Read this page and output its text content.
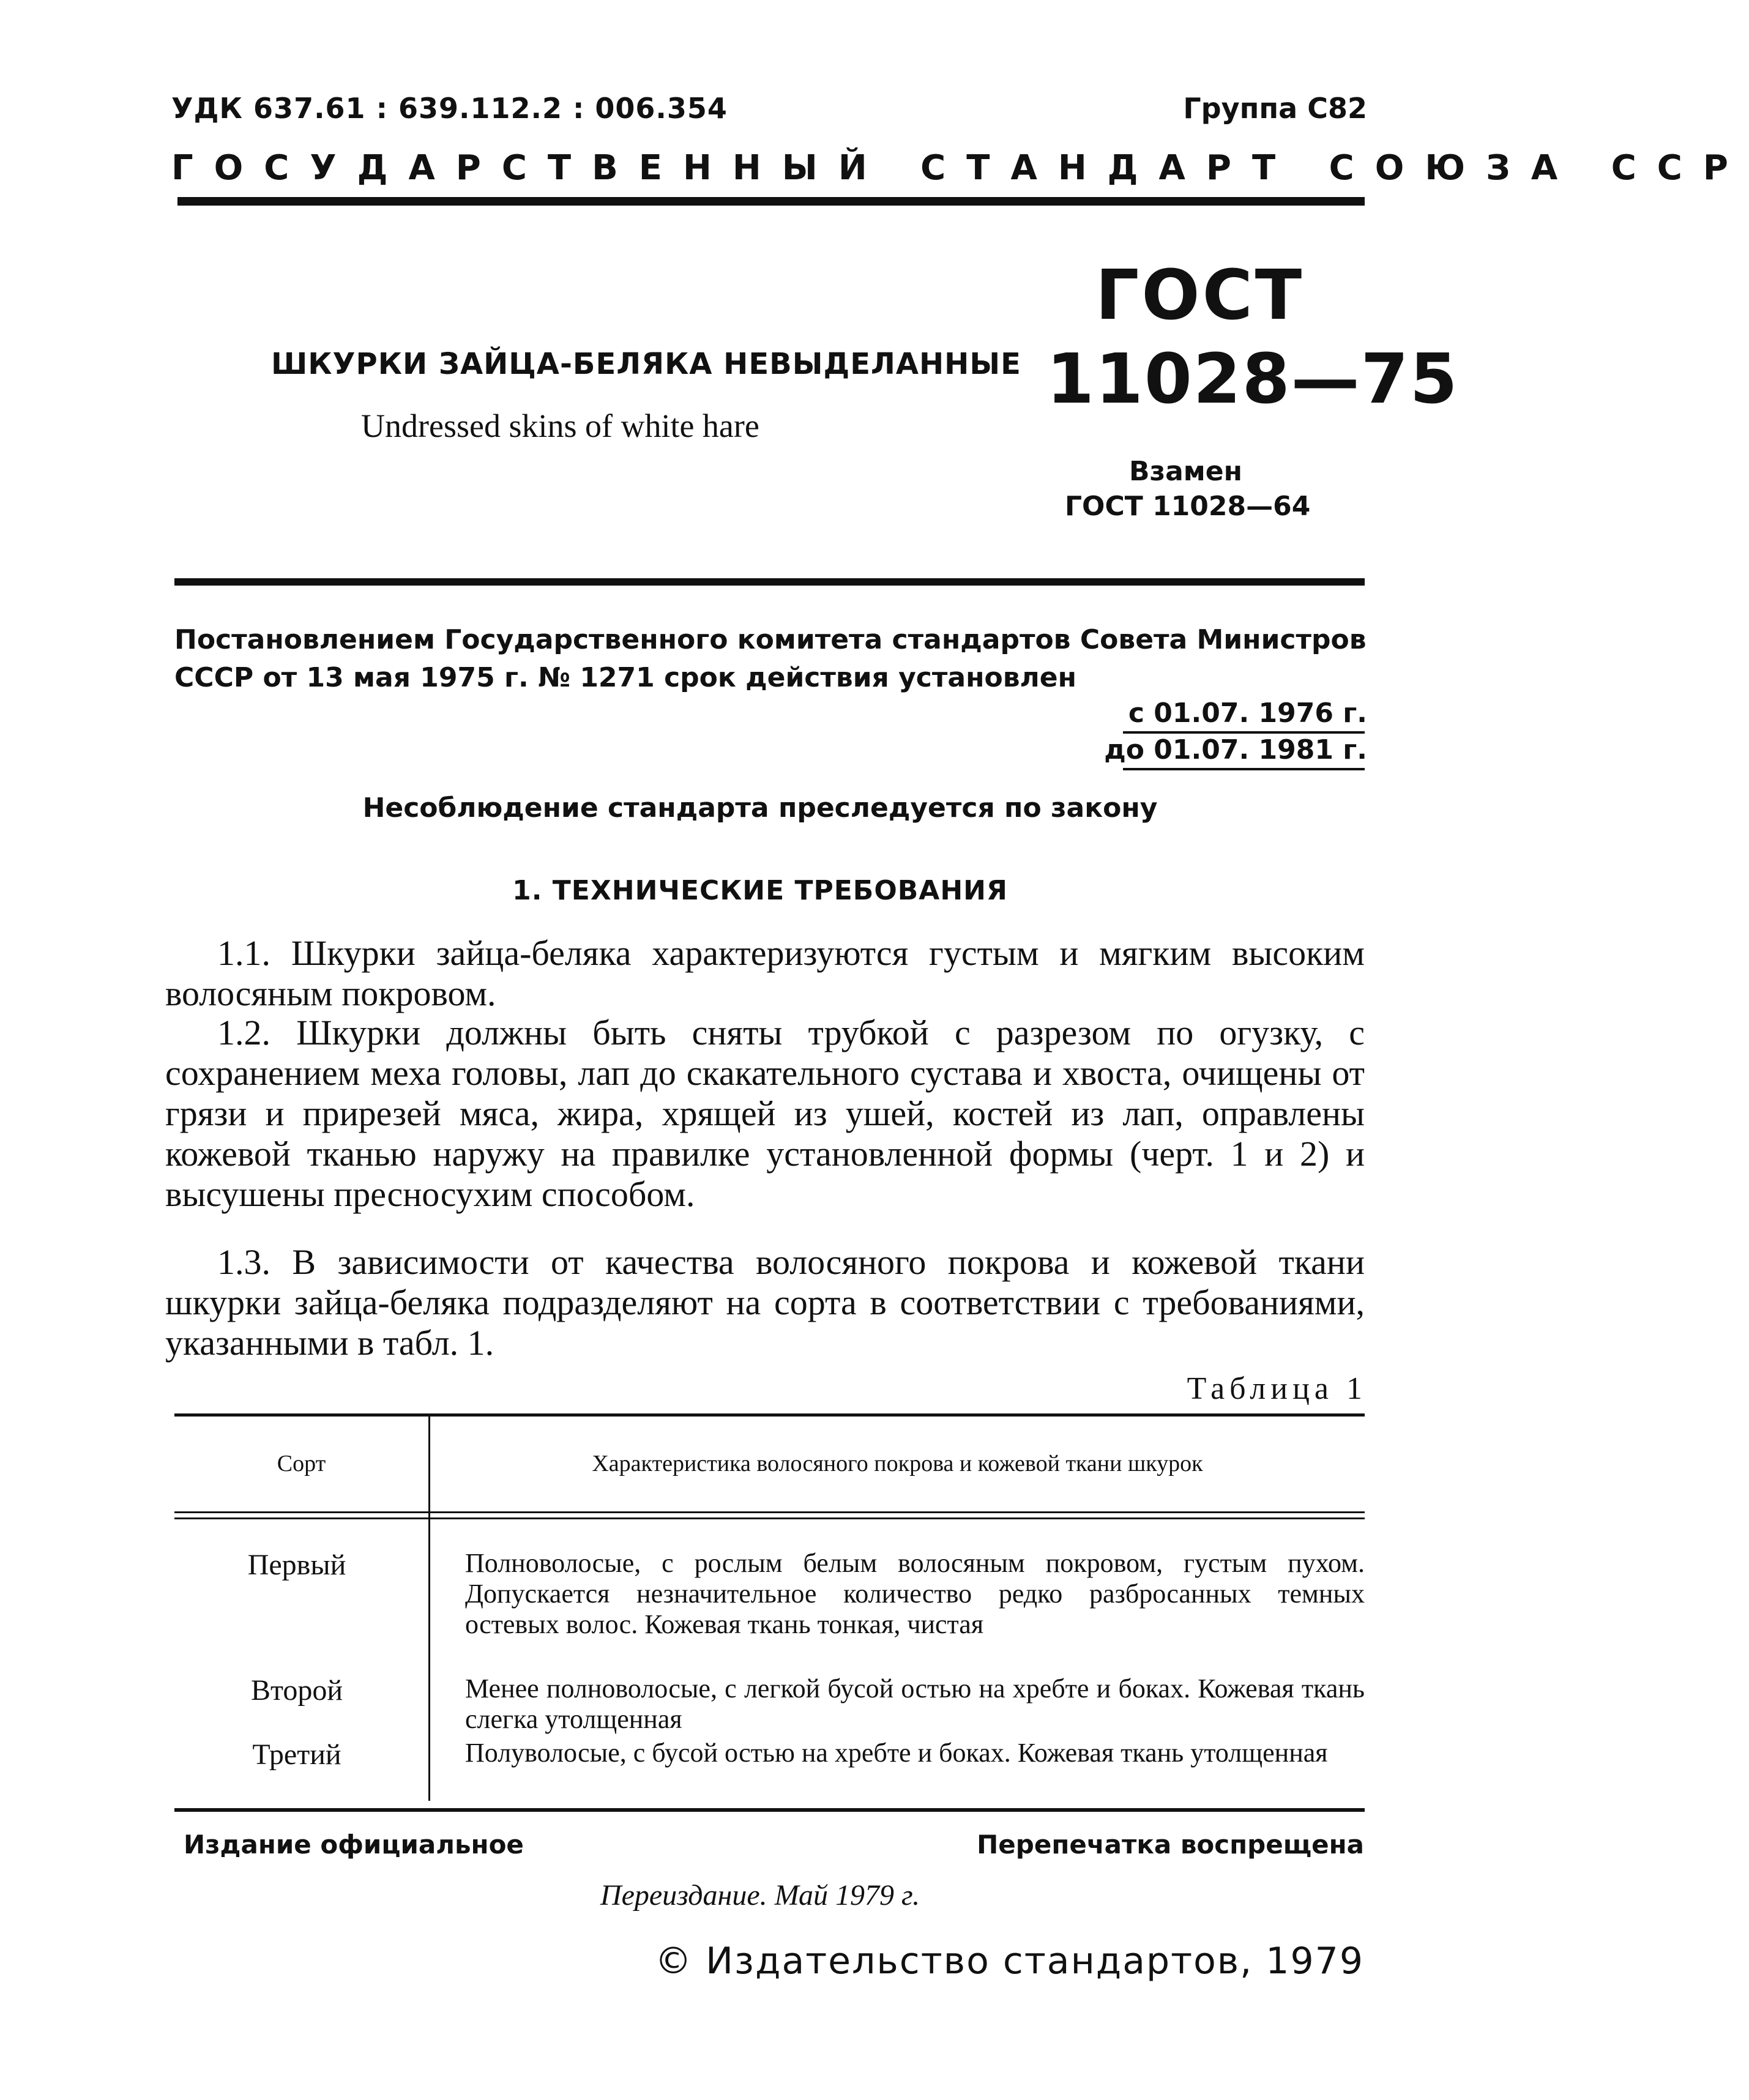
УДК 637.61 : 639.112.2 : 006.354	Группа С82
ГОСУДАРСТВЕННЫЙ СТАНДАРТ СОЮЗА ССР
ШКУРКИ ЗАЙЦА-БЕЛЯКА НЕВЫДЕЛАННЫЕ
Undressed skins of white hare
ГОСТ
11028—75
Взамен
ГОСТ 11028—64
Постановлением Государственного комитета стандартов Совета Министров СССР от 13 мая 1975 г. № 1271 срок действия установлен
с 01.07. 1976 г.
до 01.07. 1981 г.
Несоблюдение стандарта преследуется по закону
1. ТЕХНИЧЕСКИЕ ТРЕБОВАНИЯ
1.1. Шкурки зайца-беляка характеризуются густым и мягким высоким волосяным покровом.
1.2. Шкурки должны быть сняты трубкой с разрезом по огузку, с сохранением меха головы, лап до скакательного сустава и хвоста, очищены от грязи и прирезей мяса, жира, хрящей из ушей, костей из лап, оправлены кожевой тканью наружу на правилке установленной формы (черт. 1 и 2) и высушены пресносухим способом.
1.3. В зависимости от качества волосяного покрова и кожевой ткани шкурки зайца-беляка подразделяют на сорта в соответствии с требованиями, указанными в табл. 1.
Таблица 1
Сорт	Характеристика волосяного покрова и кожевой ткани шкурок
Первый	Полноволосые, с рослым белым волосяным покровом, густым пухом. Допускается незначительное количество редко разбросанных темных остевых волос. Кожевая ткань тонкая, чистая
Второй	Менее полноволосые, с легкой бусой остью на хребте и боках. Кожевая ткань слегка утолщенная
Третий	Полуволосые, с бусой остью на хребте и боках. Кожевая ткань утолщенная
Издание официальное	Перепечатка воспрещена
Переиздание. Май 1979 г.
© Издательство стандартов, 1979
